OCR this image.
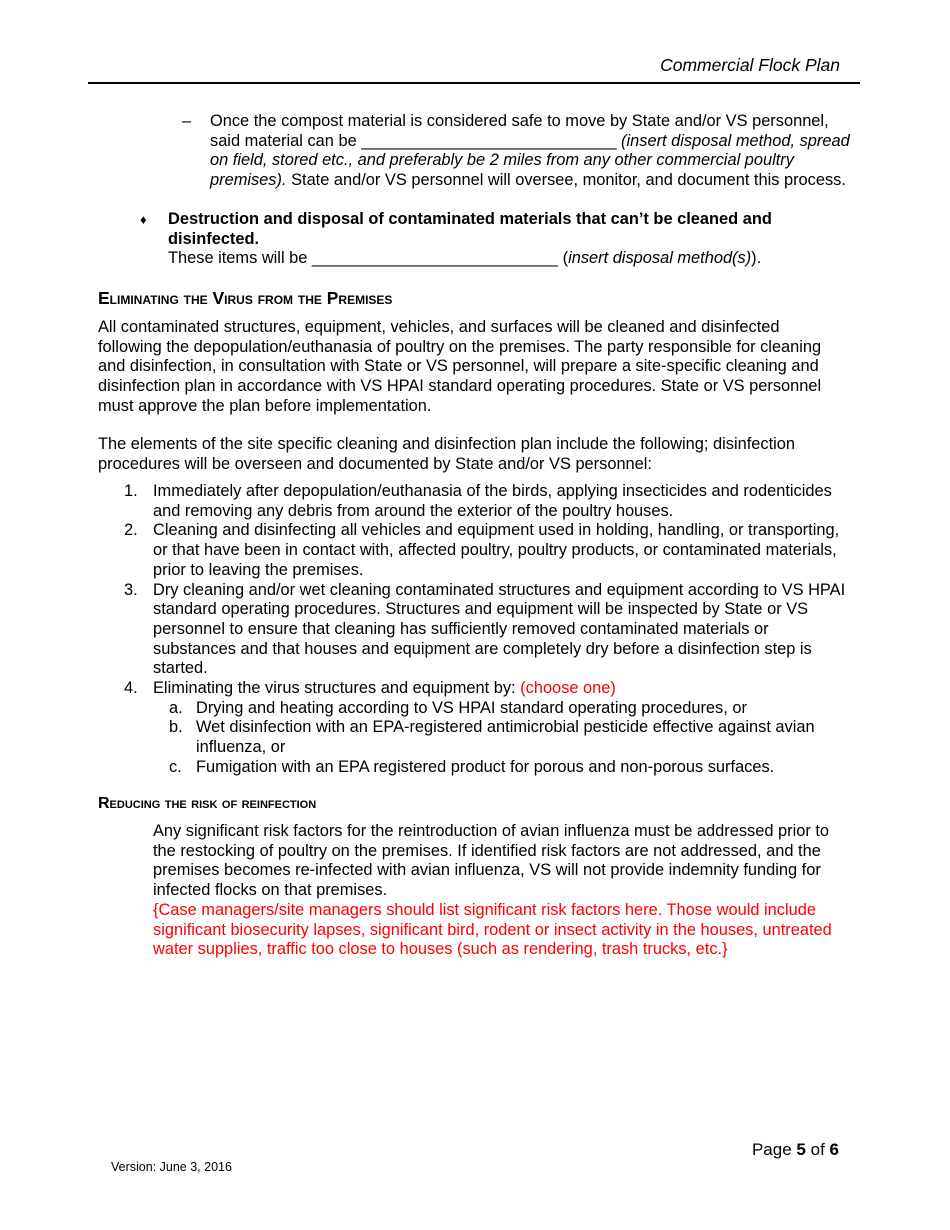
Commercial Flock Plan
– Once the compost material is considered safe to move by State and/or VS personnel, said material can be ____________________________ (insert disposal method, spread on field, stored etc., and preferably be 2 miles from any other commercial poultry premises). State and/or VS personnel will oversee, monitor, and document this process.
♦ Destruction and disposal of contaminated materials that can’t be cleaned and disinfected.
These items will be ___________________________ (insert disposal method(s)).
Eliminating the Virus from the Premises
All contaminated structures, equipment, vehicles, and surfaces will be cleaned and disinfected following the depopulation/euthanasia of poultry on the premises. The party responsible for cleaning and disinfection, in consultation with State or VS personnel, will prepare a site-specific cleaning and disinfection plan in accordance with VS HPAI standard operating procedures. State or VS personnel must approve the plan before implementation.
The elements of the site specific cleaning and disinfection plan include the following; disinfection procedures will be overseen and documented by State and/or VS personnel:
1. Immediately after depopulation/euthanasia of the birds, applying insecticides and rodenticides and removing any debris from around the exterior of the poultry houses.
2. Cleaning and disinfecting all vehicles and equipment used in holding, handling, or transporting, or that have been in contact with, affected poultry, poultry products, or contaminated materials, prior to leaving the premises.
3. Dry cleaning and/or wet cleaning contaminated structures and equipment according to VS HPAI standard operating procedures. Structures and equipment will be inspected by State or VS personnel to ensure that cleaning has sufficiently removed contaminated materials or substances and that houses and equipment are completely dry before a disinfection step is started.
4. Eliminating the virus structures and equipment by: (choose one)
a. Drying and heating according to VS HPAI standard operating procedures, or
b. Wet disinfection with an EPA-registered antimicrobial pesticide effective against avian influenza, or
c. Fumigation with an EPA registered product for porous and non-porous surfaces.
Reducing the risk of reinfection
Any significant risk factors for the reintroduction of avian influenza must be addressed prior to the restocking of poultry on the premises. If identified risk factors are not addressed, and the premises becomes re-infected with avian influenza, VS will not provide indemnity funding for infected flocks on that premises.
{Case managers/site managers should list significant risk factors here. Those would include significant biosecurity lapses, significant bird, rodent or insect activity in the houses, untreated water supplies, traffic too close to houses (such as rendering, trash trucks, etc.}
Page 5 of 6
Version: June 3, 2016
